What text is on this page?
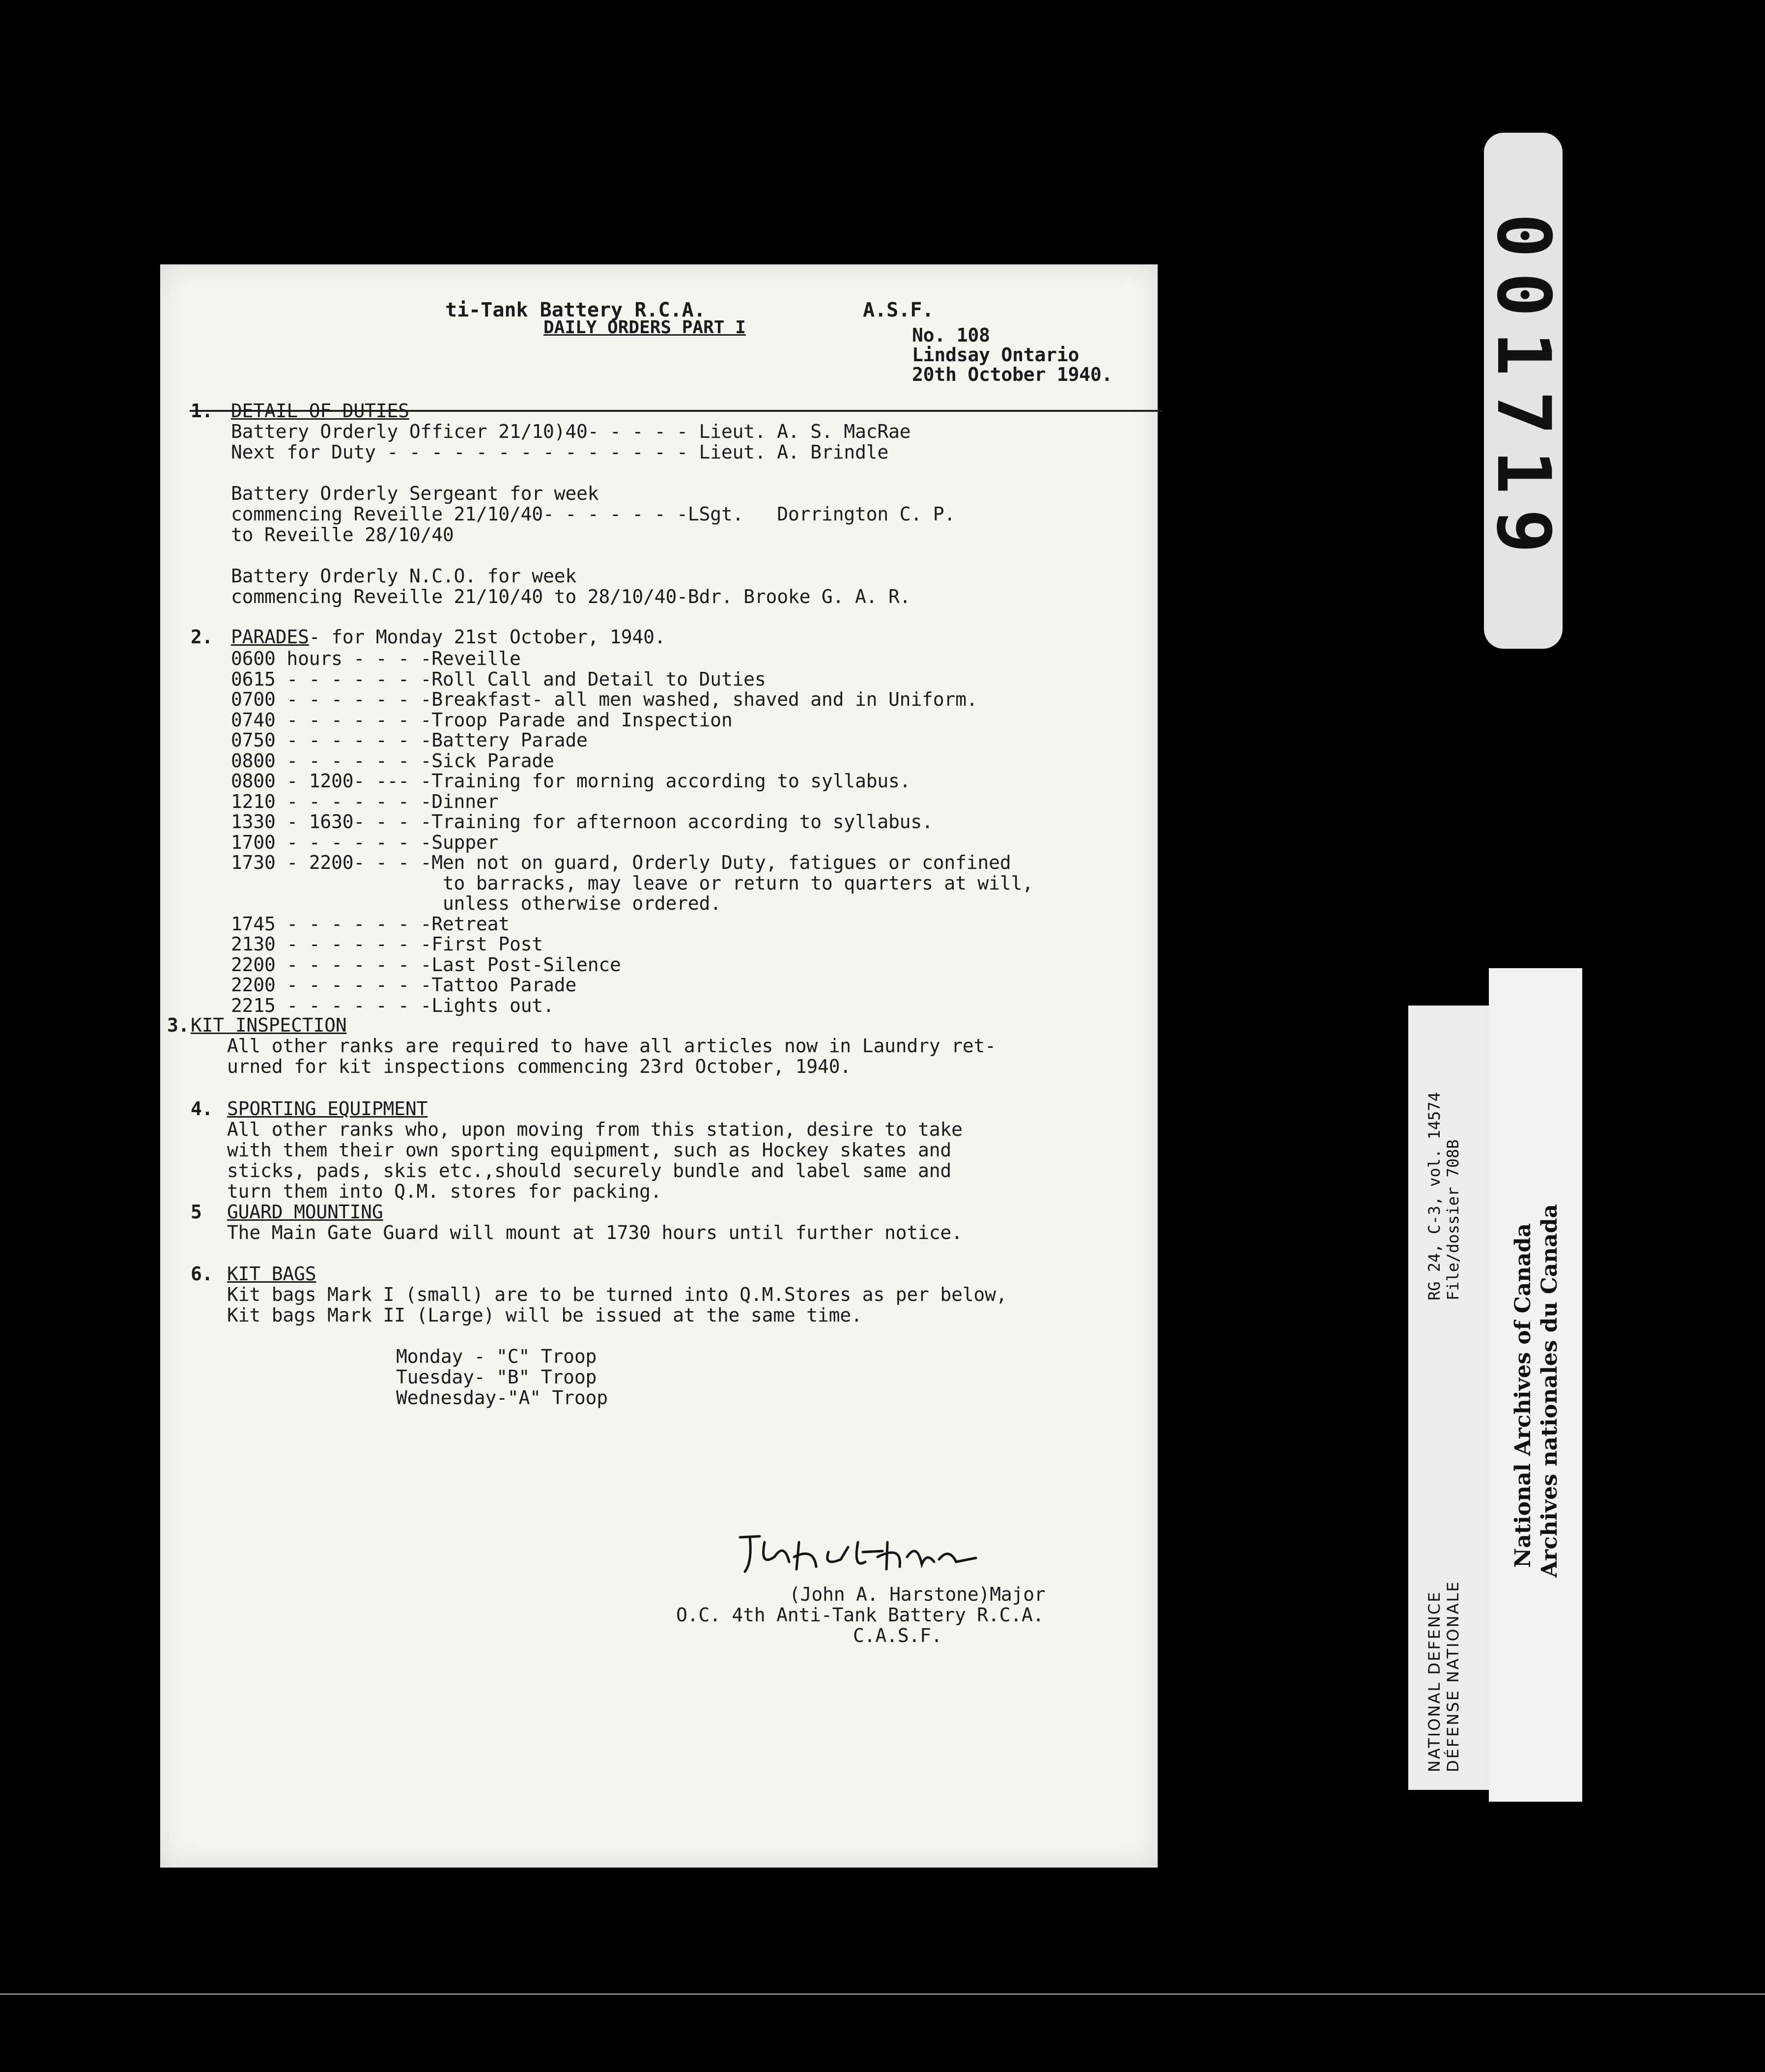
ti-Tank Battery R.C.A.	A.S.F.
DAILY ORDERS PART I	No. 108
Lindsay Ontario
20th October 1940.
1. DETAIL OF DUTIES
Battery Orderly Officer 21/10)40- - - - - Lieut. A. S. MacRae
Next for Duty - - - - - - - - - - - - - - Lieut. A. Brindle
Battery Orderly Sergeant for week
commencing Reveille 21/10/40- - - - - - -LSgt.   Dorrington C. P.
to Reveille 28/10/40
Battery Orderly N.C.O. for week
commencing Reveille 21/10/40 to 28/10/40-Bdr. Brooke G. A. R.
2. PARADES- for Monday 21st October, 1940.
0600 hours - - - -Reveille
0615 - - - - - - -Roll Call and Detail to Duties
0700 - - - - - - -Breakfast- all men washed, shaved and in Uniform.
0740 - - - - - - -Troop Parade and Inspection
0750 - - - - - - -Battery Parade
0800 - - - - - - -Sick Parade
0800 - 1200- --- -Training for morning according to syllabus.
1210 - - - - - - -Dinner
1330 - 1630- - - -Training for afternoon according to syllabus.
1700 - - - - - - -Supper
1730 - 2200- - - -Men not on guard, Orderly Duty, fatigues or confined
to barracks, may leave or return to quarters at will,
unless otherwise ordered.
1745 - - - - - - -Retreat
2130 - - - - - - -First Post
2200 - - - - - - -Last Post-Silence
2200 - - - - - - -Tattoo Parade
2215 - - - - - - -Lights out.
3. KIT INSPECTION
All other ranks are required to have all articles now in Laundry ret-
urned for kit inspections commencing 23rd October, 1940.
4. SPORTING EQUIPMENT
All other ranks who, upon moving from this station, desire to take
with them their own sporting equipment, such as Hockey skates and
sticks, pads, skis etc.,should securely bundle and label same and
turn them into Q.M. stores for packing.
5 GUARD MOUNTING
The Main Gate Guard will mount at 1730 hours until further notice.
6. KIT BAGS
Kit bags Mark I (small) are to be turned into Q.M.Stores as per below,
Kit bags Mark II (Large) will be issued at the same time.
Monday - "C" Troop
Tuesday- "B" Troop
Wednesday-"A" Troop
(John A. Harstone)Major
O.C. 4th Anti-Tank Battery R.C.A.
C.A.S.F.
001719
NATIONAL DEFENCE DÉFENSE NATIONALE
RG 24, C-3, vol. 14574 File/dossier 708B
National Archives of Canada Archives nationales du Canada
